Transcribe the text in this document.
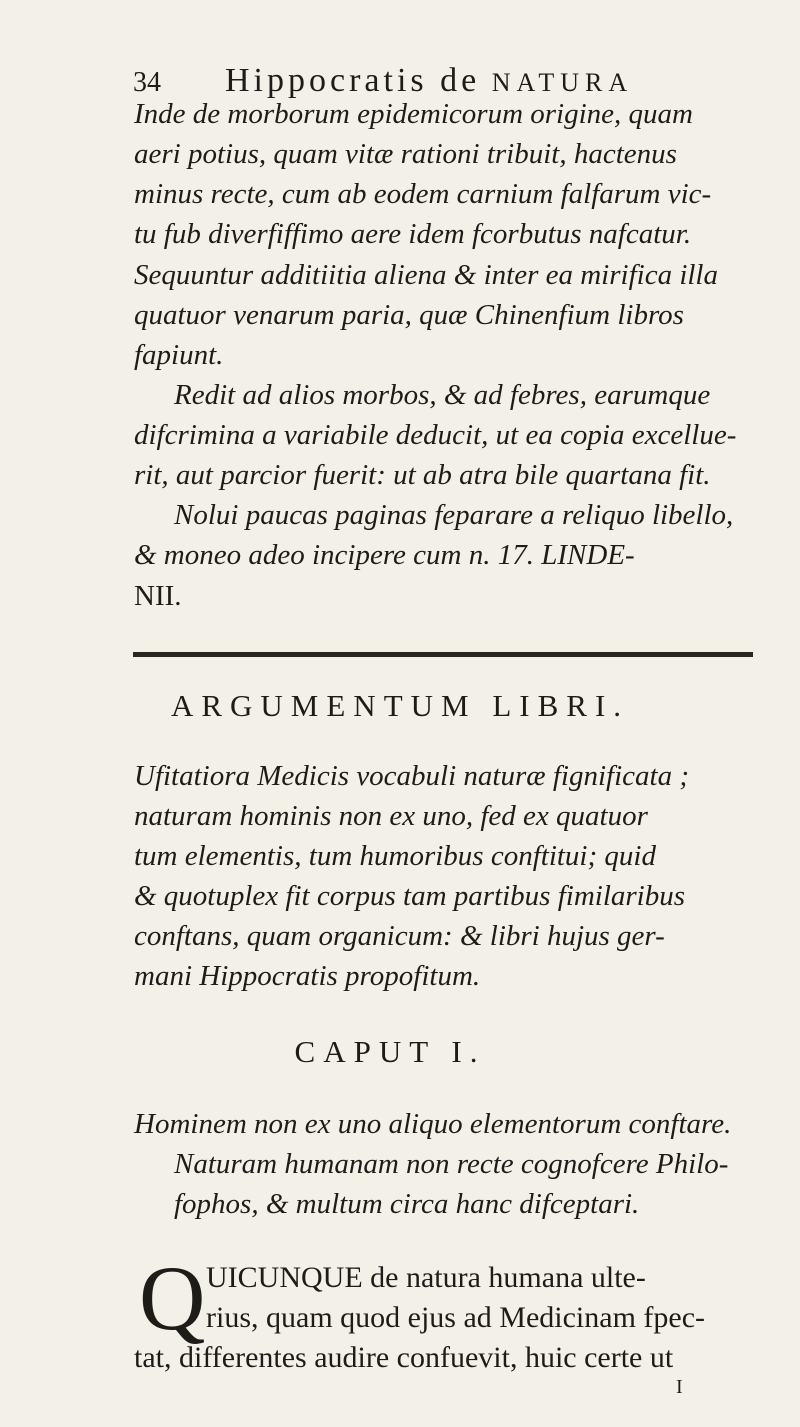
34 Hippocratis de NATURA
Inde de morborum epidemicorum origine, quam
aeri potius, quam vitæ rationi tribuit, hactenus
minus recte, cum ab eodem carnium falfarum vic-
tu fub diverfiffimo aere idem fcorbutus nafcatur.
Sequuntur additiitia aliena & inter ea mirifica illa
quatuor venarum paria, quæ Chinenfium libros
fapiunt.
Redit ad alios morbos, & ad febres, earumque
difcrimina a variabile deducit, ut ea copia excellue-
rit, aut parcior fuerit: ut ab atra bile quartana fit.
Nolui paucas paginas feparare a reliquo libello,
& moneo adeo incipere cum n. 17. LINDE-
NII.
ARGUMENTUM LIBRI.
Ufitatiora Medicis vocabuli naturæ fignificata ;
naturam hominis non ex uno, fed ex quatuor
tum elementis, tum humoribus conftitui; quid
& quotuplex fit corpus tam partibus fimilaribus
conftans, quam organicum: & libri hujus ger-
mani Hippocratis propofitum.
CAPUT I.
Hominem non ex uno aliquo elementorum conftare.
Naturam humanam non recte cognofcere Philo-
fophos, & multum circa hanc difceptari.
Q UICUNQUE de natura humana ulte-
rius, quam quod ejus ad Medicinam fpec-
tat, differentes audire confuevit, huic certe ut
I
